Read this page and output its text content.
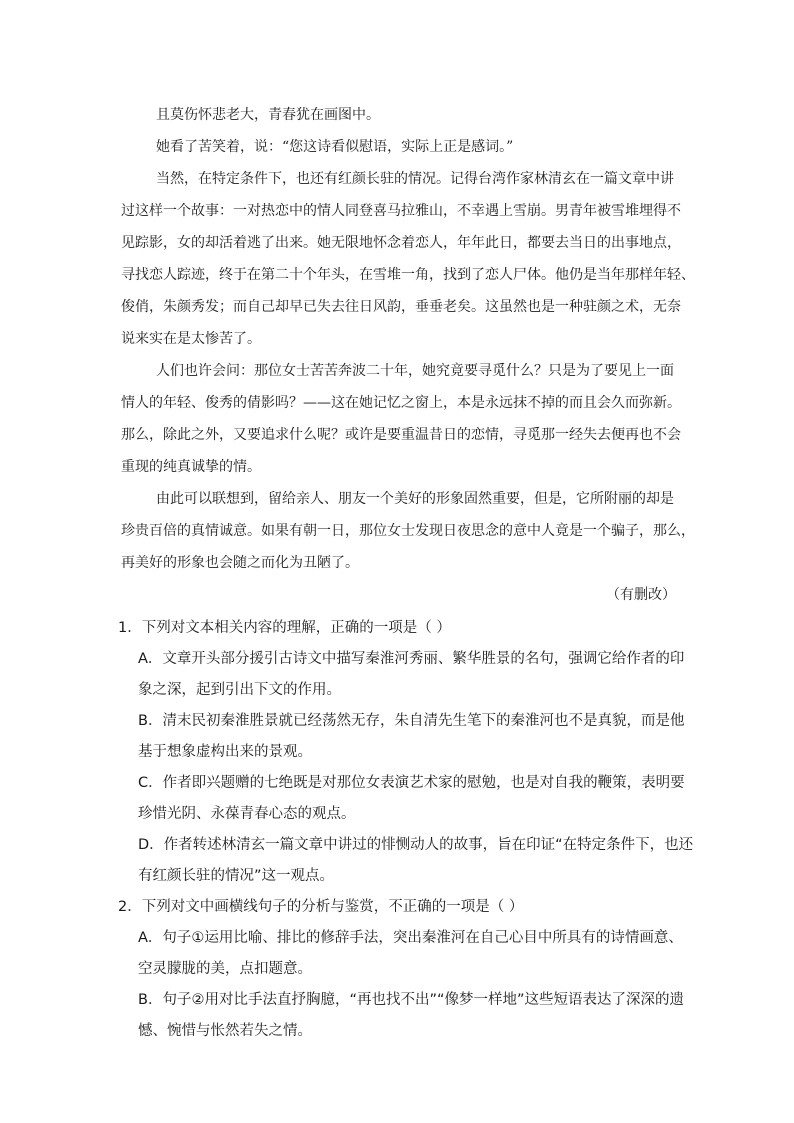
且莫伤怀悲老大，青春犹在画图中。
她看了苦笑着，说：“您这诗看似慰语，实际上正是感词。”
当然，在特定条件下，也还有红颜长驻的情况。记得台湾作家林清玄在一篇文章中讲
过这样一个故事：一对热恋中的情人同登喜马拉雅山，不幸遇上雪崩。男青年被雪堆埋得不
见踪影，女的却活着逃了出来。她无限地怀念着恋人，年年此日，都要去当日的出事地点，
寻找恋人踪迹，终于在第二十个年头，在雪堆一角，找到了恋人尸体。他仍是当年那样年轻、
俊俏，朱颜秀发；而自己却早已失去往日风韵，垂垂老矣。这虽然也是一种驻颜之术，无奈
说来实在是太惨苦了。
人们也许会问：那位女士苦苦奔波二十年，她究竟要寻觅什么？只是为了要见上一面
情人的年轻、俊秀的倩影吗？——这在她记忆之窗上，本是永远抹不掉的而且会久而弥新。
那么，除此之外，又要追求什么呢？或许是要重温昔日的恋情，寻觅那一经失去便再也不会
重现的纯真诚挚的情。
由此可以联想到，留给亲人、朋友一个美好的形象固然重要，但是，它所附丽的却是
珍贵百倍的真情诚意。如果有朝一日，那位女士发现日夜思念的意中人竟是一个骗子，那么，
再美好的形象也会随之而化为丑陋了。
（有删改）
1．下列对文本相关内容的理解，正确的一项是（ ）
A．文章开头部分援引古诗文中描写秦淮河秀丽、繁华胜景的名句，强调它给作者的印
象之深，起到引出下文的作用。
B．清末民初秦淮胜景就已经荡然无存，朱自清先生笔下的秦淮河也不是真貌，而是他
基于想象虚构出来的景观。
C．作者即兴题赠的七绝既是对那位女表演艺术家的慰勉，也是对自我的鞭策，表明要
珍惜光阴、永葆青春心态的观点。
D．作者转述林清玄一篇文章中讲过的悱恻动人的故事，旨在印证“在特定条件下，也还
有红颜长驻的情况”这一观点。
2．下列对文中画横线句子的分析与鉴赏，不正确的一项是（ ）
A．句子①运用比喻、排比的修辞手法，突出秦淮河在自己心目中所具有的诗情画意、
空灵朦胧的美，点扣题意。
B．句子②用对比手法直抒胸臆，“再也找不出”“像梦一样地”这些短语表达了深深的遗
憾、惋惜与怅然若失之情。
